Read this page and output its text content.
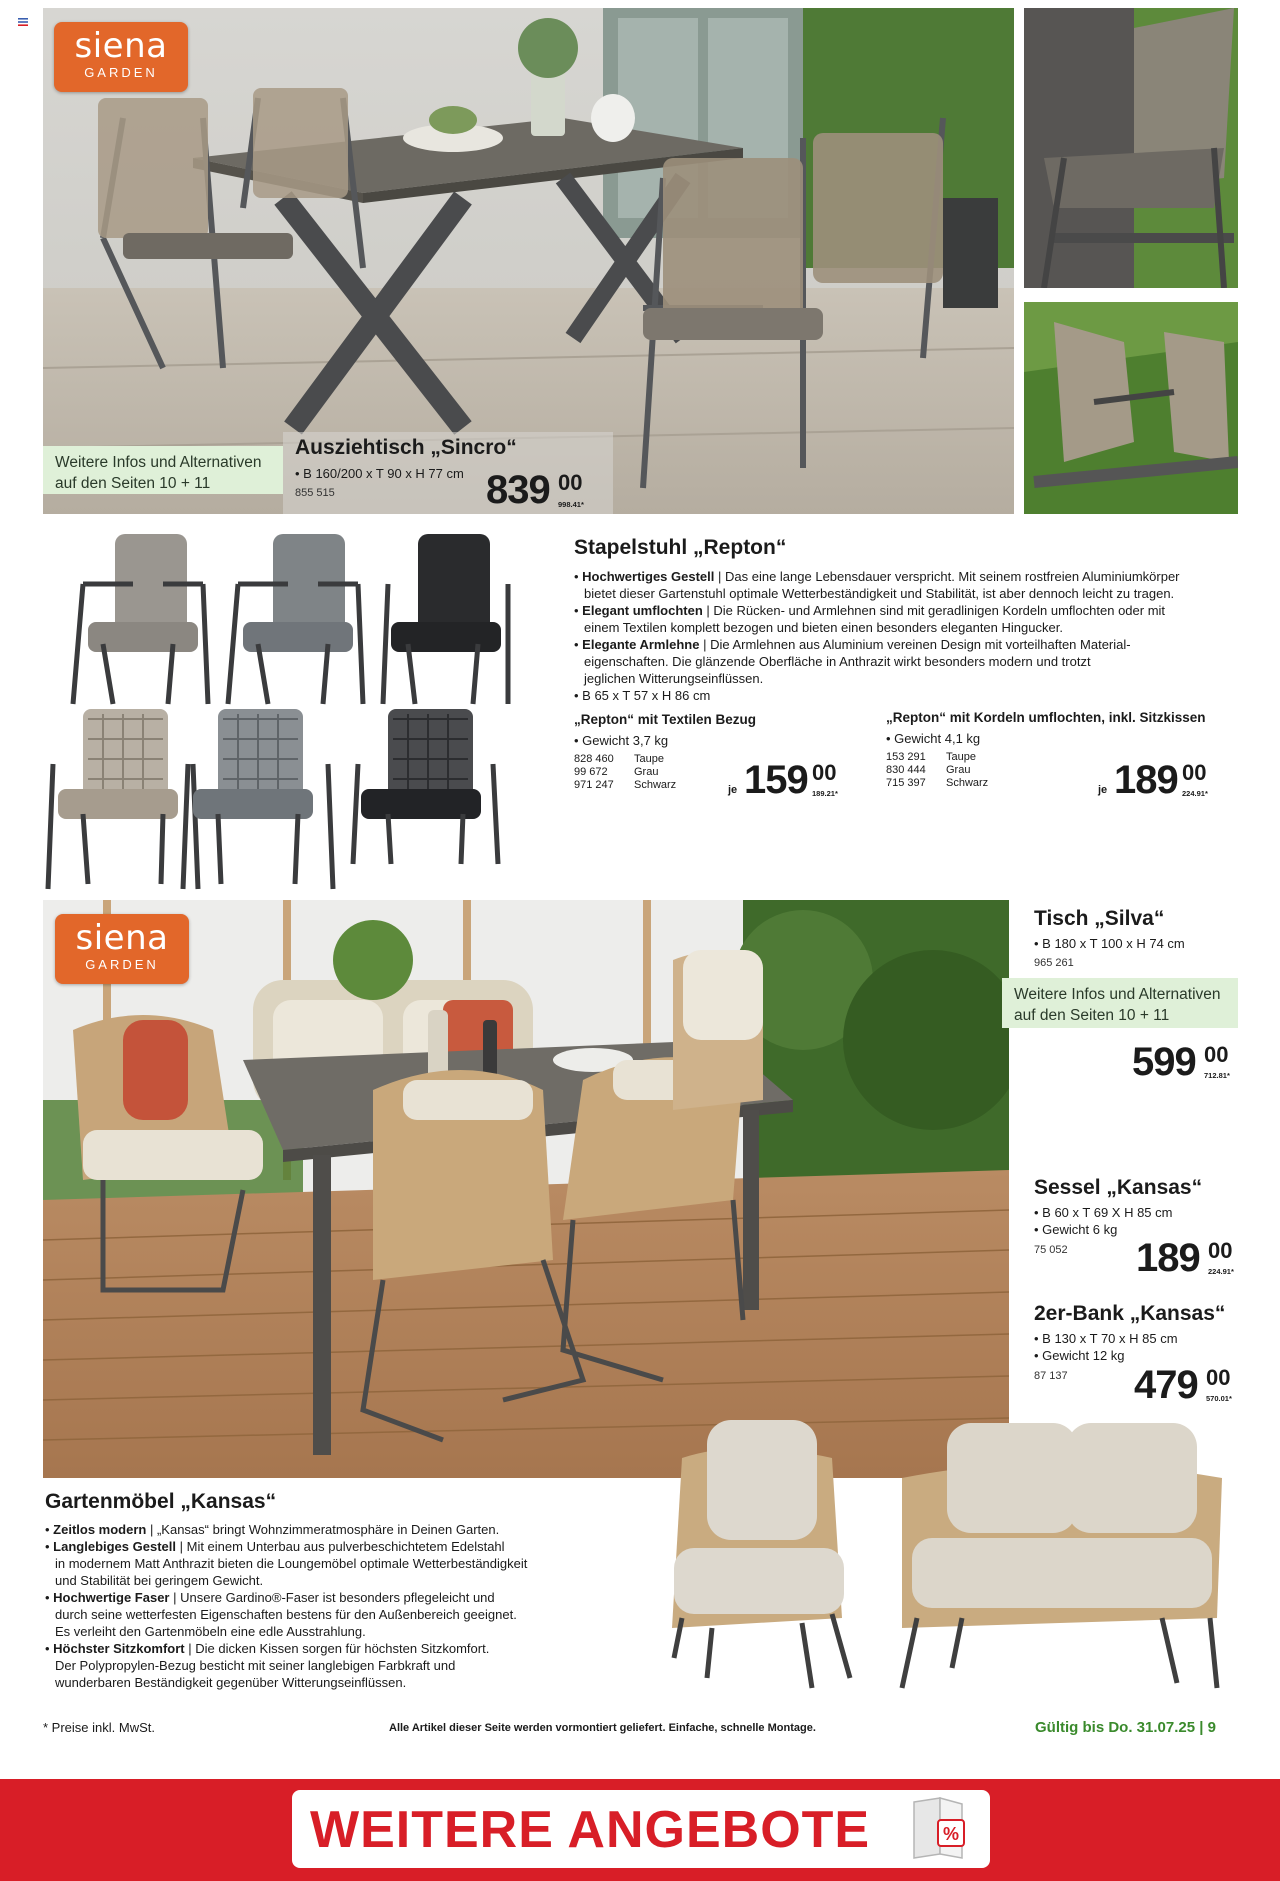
siena
GARDEN
Weitere Infos und Alternativen
auf den Seiten 10 + 11
Ausziehtisch „Sincro“
• B 160/200 x T 90 x H 77 cm
855 515	839 00
998.41*
Stapelstuhl „Repton“

• Hochwertiges Gestell | Das eine lange Lebensdauer verspricht. Mit seinem rostfreien Aluminiumkörper

bietet dieser Gartenstuhl optimale Wetterbeständigkeit und Stabilität, ist aber dennoch leicht zu tragen.

• Elegant umflochten | Die Rücken- und Armlehnen sind mit geradlinigen Kordeln umflochten oder mit

einem Textilen komplett bezogen und bieten einen besonders eleganten Hingucker.

• Elegante Armlehne | Die Armlehnen aus Aluminium vereinen Design mit vorteilhaften Material-

eigenschaften. Die glänzende Oberfläche in Anthrazit wirkt besonders modern und trotzt

jeglichen Witterungseinflüssen.

• B 65 x T 57 x H 86 cm

„Repton“ mit Textilen Bezug
• Gewicht 3,7 kg
828 460 Taupe
99 672 Grau
971 247 Schwarz	je 159 00
189.21*
„Repton“ mit Kordeln umflochten, inkl. Sitzkissen
• Gewicht 4,1 kg
153 291 Taupe
830 444 Grau
715 397 Schwarz
je 189 00
224.91*
siena
GARDEN
Tisch „Silva“
• B 180 x T 100 x H 74 cm
965 261
Weitere Infos und Alternativen
auf den Seiten 10 + 11
599 00
712.81*
Sessel „Kansas“
• B 60 x T 69 X H 85 cm
• Gewicht 6 kg
75 052 189 00
224.91*
2er-Bank „Kansas“
• B 130 x T 70 x H 85 cm
• Gewicht 12 kg
87 137 479 00
570.01*
Gartenmöbel „Kansas“

• Zeitlos modern | „Kansas“ bringt Wohnzimmeratmosphäre in Deinen Garten.

• Langlebiges Gestell | Mit einem Unterbau aus pulverbeschichtetem Edelstahl

in modernem Matt Anthrazit bieten die Loungemöbel optimale Wetterbeständigkeit

und Stabilität bei geringem Gewicht.

• Hochwertige Faser | Unsere Gardino®-Faser ist besonders pflegeleicht und

durch seine wetterfesten Eigenschaften bestens für den Außenbereich geeignet.

Es verleiht den Gartenmöbeln eine edle Ausstrahlung.

• Höchster Sitzkomfort | Die dicken Kissen sorgen für höchsten Sitzkomfort.

Der Polypropylen-Bezug besticht mit seiner langlebigen Farbkraft und

wunderbaren Beständigkeit gegenüber Witterungseinflüssen.

* Preise inkl. MwSt.	Alle Artikel dieser Seite werden vormontiert geliefert. Einfache, schnelle Montage.	Gültig bis Do. 31.07.25 | 9
WEITERE ANGEBOTE	%
